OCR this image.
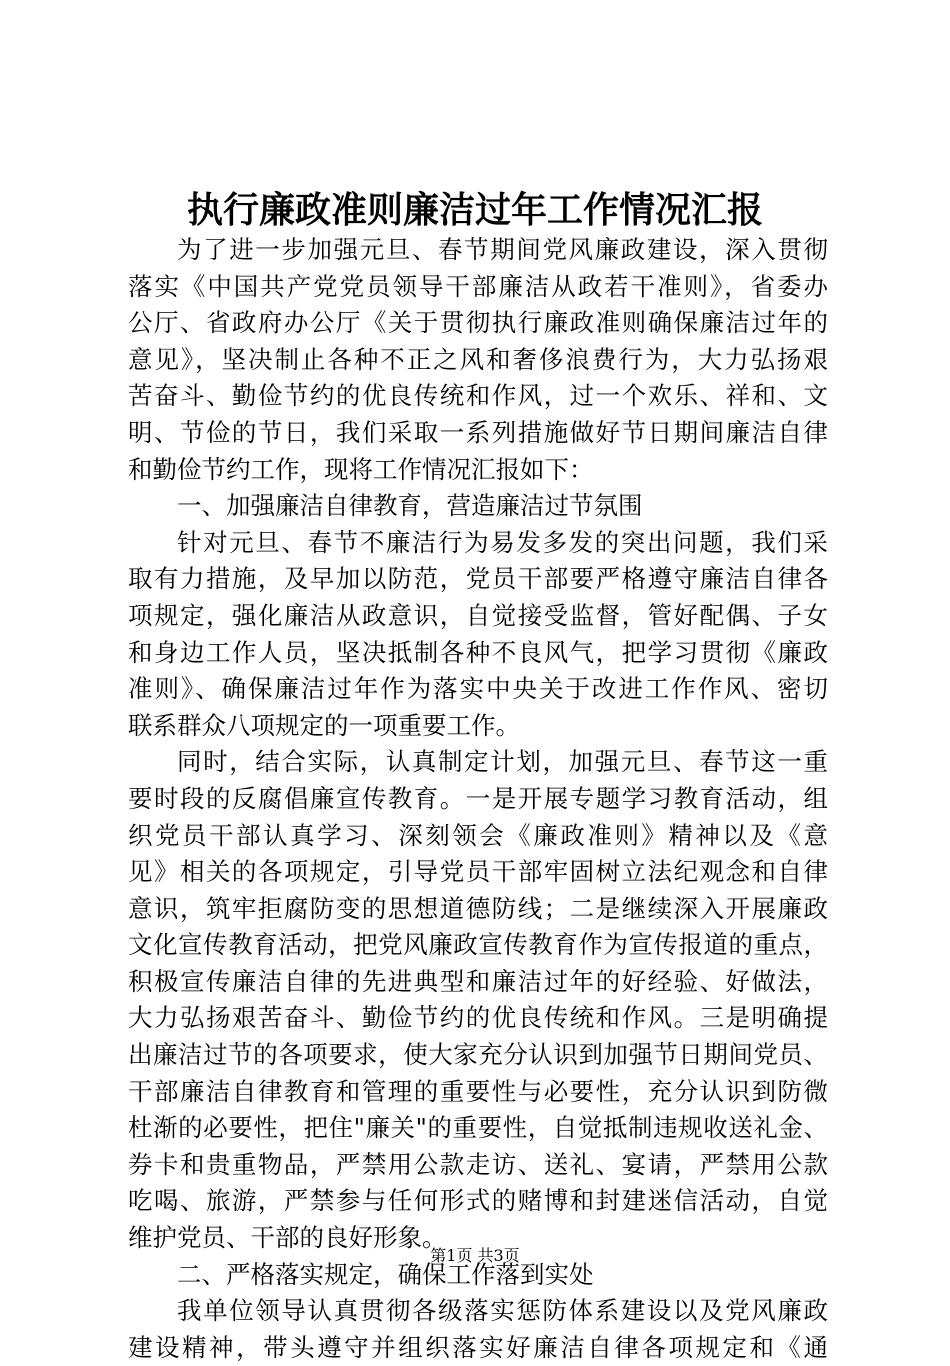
执行廉政准则廉洁过年工作情况汇报
为了进一步加强元旦、春节期间党风廉政建设，深入贯彻
落实《中国共产党党员领导干部廉洁从政若干准则》，省委办
公厅、省政府办公厅《关于贯彻执行廉政准则确保廉洁过年的
意见》，坚决制止各种不正之风和奢侈浪费行为，大力弘扬艰
苦奋斗、勤俭节约的优良传统和作风，过一个欢乐、祥和、文
明、节俭的节日，我们采取一系列措施做好节日期间廉洁自律
和勤俭节约工作，现将工作情况汇报如下：
一、加强廉洁自律教育，营造廉洁过节氛围
针对元旦、春节不廉洁行为易发多发的突出问题，我们采
取有力措施，及早加以防范，党员干部要严格遵守廉洁自律各
项规定，强化廉洁从政意识，自觉接受监督，管好配偶、子女
和身边工作人员，坚决抵制各种不良风气，把学习贯彻《廉政
准则》、确保廉洁过年作为落实中央关于改进工作作风、密切
联系群众八项规定的一项重要工作。
同时，结合实际，认真制定计划，加强元旦、春节这一重
要时段的反腐倡廉宣传教育。一是开展专题学习教育活动，组
织党员干部认真学习、深刻领会《廉政准则》精神以及《意
见》相关的各项规定，引导党员干部牢固树立法纪观念和自律
意识，筑牢拒腐防变的思想道德防线；二是继续深入开展廉政
文化宣传教育活动，把党风廉政宣传教育作为宣传报道的重点，
积极宣传廉洁自律的先进典型和廉洁过年的好经验、好做法，
大力弘扬艰苦奋斗、勤俭节约的优良传统和作风。三是明确提
出廉洁过节的各项要求，使大家充分认识到加强节日期间党员、
干部廉洁自律教育和管理的重要性与必要性，充分认识到防微
杜渐的必要性，把住"廉关"的重要性，自觉抵制违规收送礼金、
券卡和贵重物品，严禁用公款走访、送礼、宴请，严禁用公款
吃喝、旅游，严禁参与任何形式的赌博和封建迷信活动，自觉
维护党员、干部的良好形象。
二、严格落实规定，确保工作落到实处
我单位领导认真贯彻各级落实惩防体系建设以及党风廉政
建设精神，带头遵守并组织落实好廉洁自律各项规定和《通
第1页 共3页
